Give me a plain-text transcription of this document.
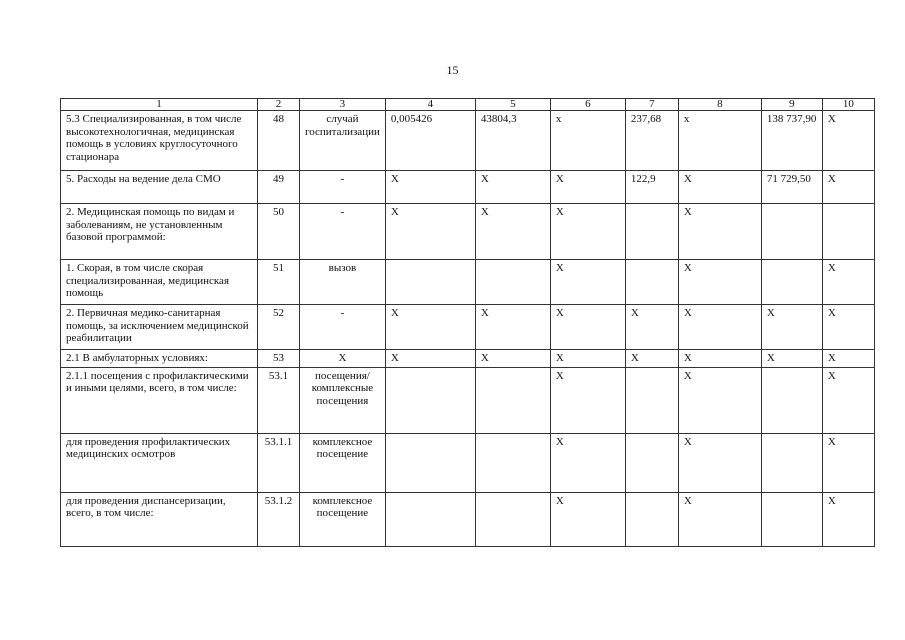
15
1	2	3	4	5	6	7	8	9	10
5.3 Специализированная, в том числе высокотехнологичная, медицинская помощь в условиях круглосуточного стационара	48	случай госпитализации	0,005426	43804,3	х	237,68	х	138 737,90	Х
5. Расходы на ведение дела СМО	49	-	Х	Х	Х	122,9	Х	71 729,50	Х
2. Медицинская помощь по видам и заболеваниям, не установленным базовой программой:	50	-	Х	Х	Х		Х		
1. Скорая, в том числе скорая специализированная, медицинская помощь	51	вызов			Х		Х		Х
2. Первичная медико-санитарная помощь, за исключением медицинской реабилитации	52	-	Х	Х	Х	Х	Х	Х	Х
2.1 В амбулаторных условиях:	53	Х	Х	Х	Х	Х	Х	Х	Х
2.1.1 посещения с профилактическими и иными целями, всего, в том числе:	53.1	посещения/комплексные посещения			Х		Х		Х
для проведения профилактических медицинских осмотров	53.1.1	комплексное посещение			Х		Х		Х
для проведения диспансеризации, всего, в том числе:	53.1.2	комплексное посещение			Х		Х		Х
